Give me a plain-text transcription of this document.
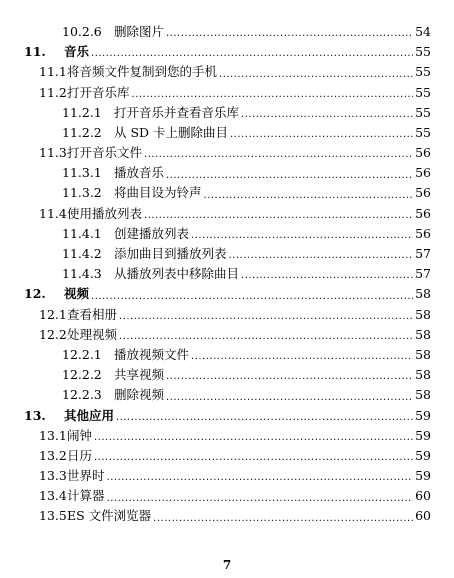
10.2.6 删除图片 .....	54
11.	音乐 .....	55
11.1 将音频文件复制到您的手机 .....	55
11.2 打开音乐库 .....	55
11.2.1 打开音乐并查看音乐库 .....	55
11.2.2 从 SD 卡上删除曲目 .....	55
11.3 打开音乐文件 .....	56
11.3.1 播放音乐 .....	56
11.3.2 将曲目设为铃声 .....	56
11.4 使用播放列表 .....	56
11.4.1 创建播放列表 .....	56
11.4.2 添加曲目到播放列表 .....	57
11.4.3 从播放列表中移除曲目 .....	57
12.	视频 .....	58
12.1 查看相册 .....	58
12.2 处理视频 .....	58
12.2.1 播放视频文件 .....	58
12.2.2 共享视频 .....	58
12.2.3 删除视频 .....	58
13.	其他应用 .....	59
13.1 闹钟 .....	59
13.2 日历 .....	59
13.3 世界时 .....	59
13.4 计算器 .....	60
13.5 ES 文件浏览器 .....	60
7
